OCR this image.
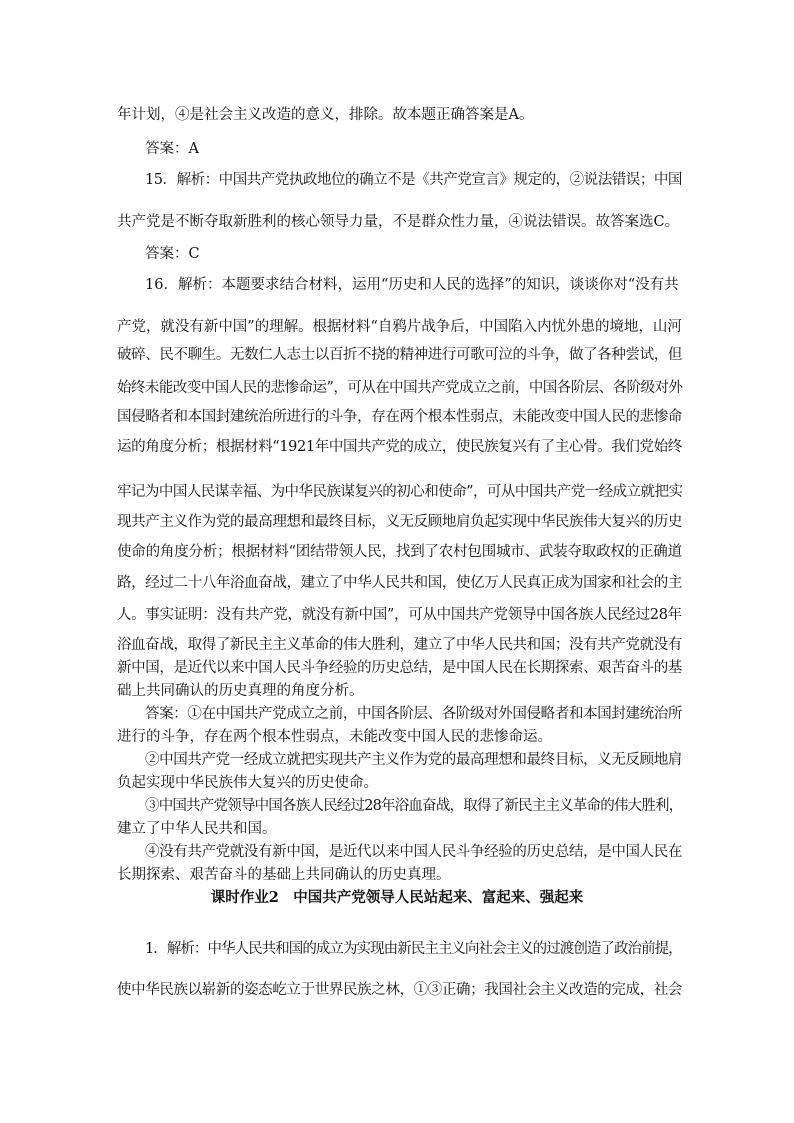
年计划，④是社会主义改造的意义，排除。故本题正确答案是A。
答案：A
15．解析：中国共产党执政地位的确立不是《共产党宣言》规定的，②说法错误；中国
共产党是不断夺取新胜利的核心领导力量，不是群众性力量，④说法错误。故答案选C。
答案：C
16．解析：本题要求结合材料，运用“历史和人民的选择”的知识，谈谈你对“没有共
产党，就没有新中国”的理解。根据材料“自鸦片战争后，中国陷入内忧外患的境地，山河
破碎、民不聊生。无数仁人志士以百折不挠的精神进行可歌可泣的斗争，做了各种尝试，但
始终未能改变中国人民的悲惨命运”，可从在中国共产党成立之前，中国各阶层、各阶级对外
国侵略者和本国封建统治所进行的斗争，存在两个根本性弱点，未能改变中国人民的悲惨命
运的角度分析；根据材料“1921年中国共产党的成立，使民族复兴有了主心骨。我们党始终
牢记为中国人民谋幸福、为中华民族谋复兴的初心和使命”，可从中国共产党一经成立就把实
现共产主义作为党的最高理想和最终目标，义无反顾地肩负起实现中华民族伟大复兴的历史
使命的角度分析；根据材料“团结带领人民，找到了农村包围城市、武装夺取政权的正确道
路，经过二十八年浴血奋战，建立了中华人民共和国，使亿万人民真正成为国家和社会的主
人。事实证明：没有共产党，就没有新中国”，可从中国共产党领导中国各族人民经过28年
浴血奋战，取得了新民主主义革命的伟大胜利，建立了中华人民共和国；没有共产党就没有
新中国，是近代以来中国人民斗争经验的历史总结，是中国人民在长期探索、艰苦奋斗的基
础上共同确认的历史真理的角度分析。
答案：①在中国共产党成立之前，中国各阶层、各阶级对外国侵略者和本国封建统治所
进行的斗争，存在两个根本性弱点，未能改变中国人民的悲惨命运。
②中国共产党一经成立就把实现共产主义作为党的最高理想和最终目标，义无反顾地肩
负起实现中华民族伟大复兴的历史使命。
③中国共产党领导中国各族人民经过28年浴血奋战，取得了新民主主义革命的伟大胜利，
建立了中华人民共和国。
④没有共产党就没有新中国，是近代以来中国人民斗争经验的历史总结，是中国人民在
长期探索、艰苦奋斗的基础上共同确认的历史真理。
课时作业2　中国共产党领导人民站起来、富起来、强起来
1．解析：中华人民共和国的成立为实现由新民主主义向社会主义的过渡创造了政治前提，
使中华民族以崭新的姿态屹立于世界民族之林，①③正确；我国社会主义改造的完成，社会
